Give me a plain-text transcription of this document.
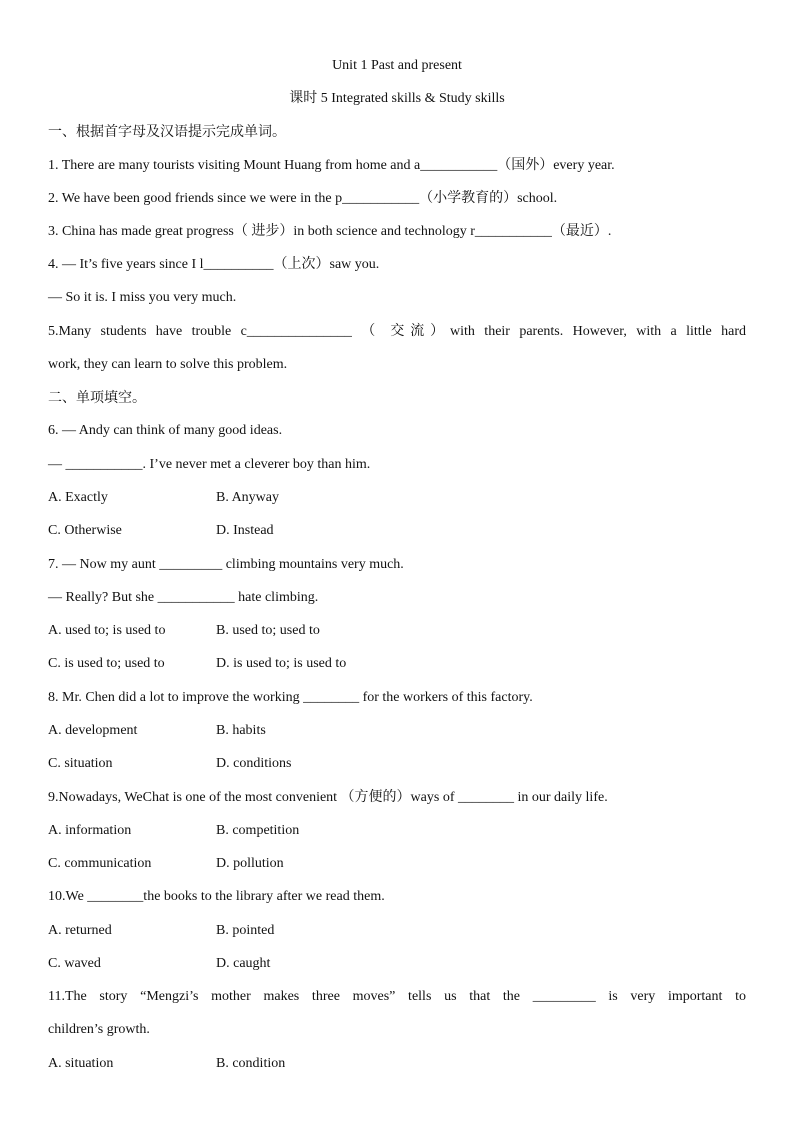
Unit 1 Past and present
课时 5 Integrated skills & Study skills
一、根据首字母及汉语提示完成单词。
1. There are many tourists visiting Mount Huang from home and a___________（国外）every year.
2. We have been good friends since we were in the p___________（小学教育的）school.
3. China has made great progress（ 进步）in both science and technology r___________（最近）.
4. — It’s five years since I l__________（上次）saw you.
— So it is. I miss you very much.
5.Many students have trouble c_______________ （ 交流）with their parents. However, with a little hard
work, they can learn to solve this problem.
二、单项填空。
6. — Andy can think of many good ideas.
— ___________. I’ve never met a cleverer boy than him.
A. Exactly	B. Anyway
C. Otherwise	D. Instead
7. — Now my aunt _________ climbing mountains very much.
— Really? But she ___________ hate climbing.
A. used to; is used to	B. used to; used to
C. is used to; used to	D. is used to; is used to
8. Mr. Chen did a lot to improve the working ________ for the workers of this factory.
A. development	B. habits
C. situation	D. conditions
9.Nowadays, WeChat is one of the most convenient （方便的）ways of ________ in our daily life.
A. information	B. competition
C. communication	D. pollution
10.We ________the books to the library after we read them.
A. returned	B. pointed
C. waved	D. caught
11.The story “Mengzi’s mother makes three moves” tells us that the _________ is very important to
children’s growth.
A. situation	B. condition
